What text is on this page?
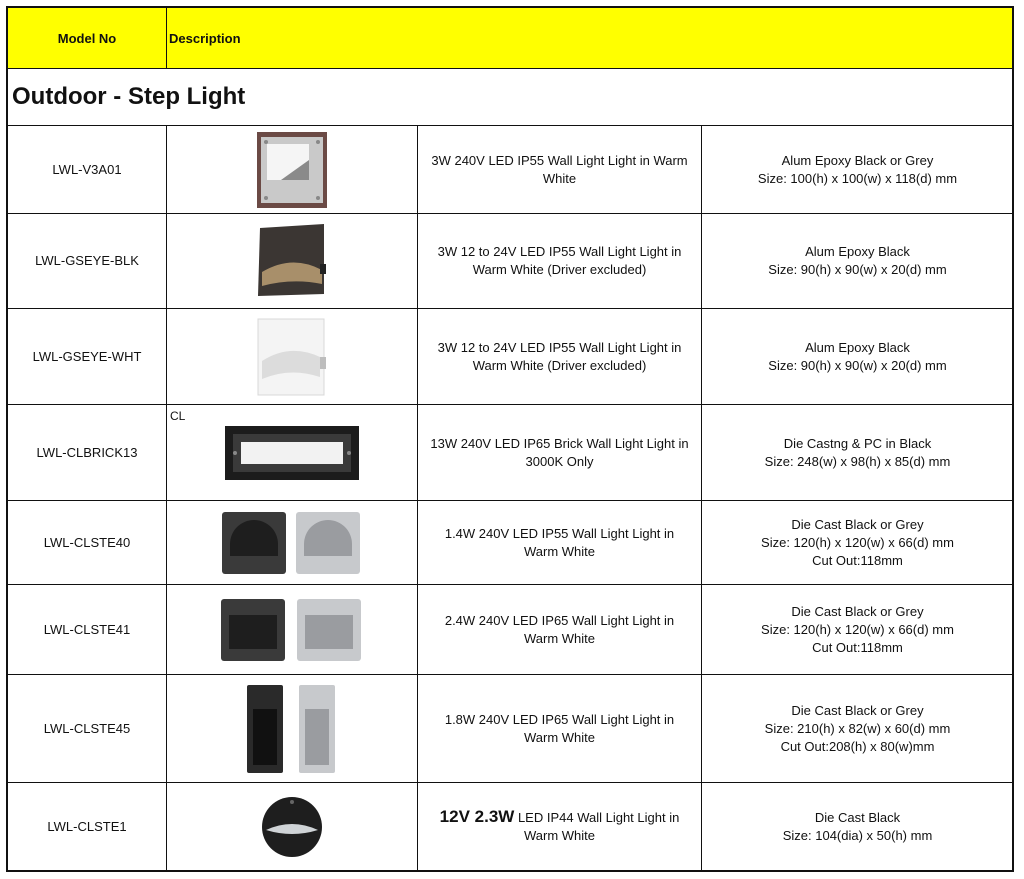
Model No	Description
Outdoor - Step Light
LWL-V3A01
3W 240V LED IP55 Wall Light Light in Warm White
Alum Epoxy Black or Grey
Size: 100(h) x 100(w) x 118(d) mm
LWL-GSEYE-BLK
3W 12 to 24V LED IP55 Wall Light Light in Warm White (Driver excluded)
Alum Epoxy Black
Size: 90(h) x 90(w) x 20(d) mm
LWL-GSEYE-WHT
3W 12 to 24V LED IP55 Wall Light Light in Warm White (Driver excluded)
Alum Epoxy Black
Size: 90(h) x 90(w) x 20(d) mm
LWL-CLBRICK13
CL
13W 240V LED IP65 Brick Wall Light Light in 3000K Only
Die Castng & PC in Black
Size: 248(w) x 98(h) x 85(d) mm
LWL-CLSTE40
1.4W 240V LED IP55 Wall Light Light in Warm White
Die Cast Black or Grey
Size: 120(h) x 120(w) x 66(d) mm
Cut Out:118mm
LWL-CLSTE41
2.4W 240V LED IP65 Wall Light Light in Warm White
Die Cast Black or Grey
Size: 120(h) x 120(w) x 66(d) mm
Cut Out:118mm
LWL-CLSTE45
1.8W 240V LED IP65 Wall Light Light in Warm White
Die Cast Black or Grey
Size: 210(h) x 82(w) x 60(d) mm
Cut Out:208(h) x 80(w)mm
LWL-CLSTE1	12V 2.3W LED IP44 Wall Light Light in Warm White
Die Cast Black
Size: 104(dia) x 50(h) mm
